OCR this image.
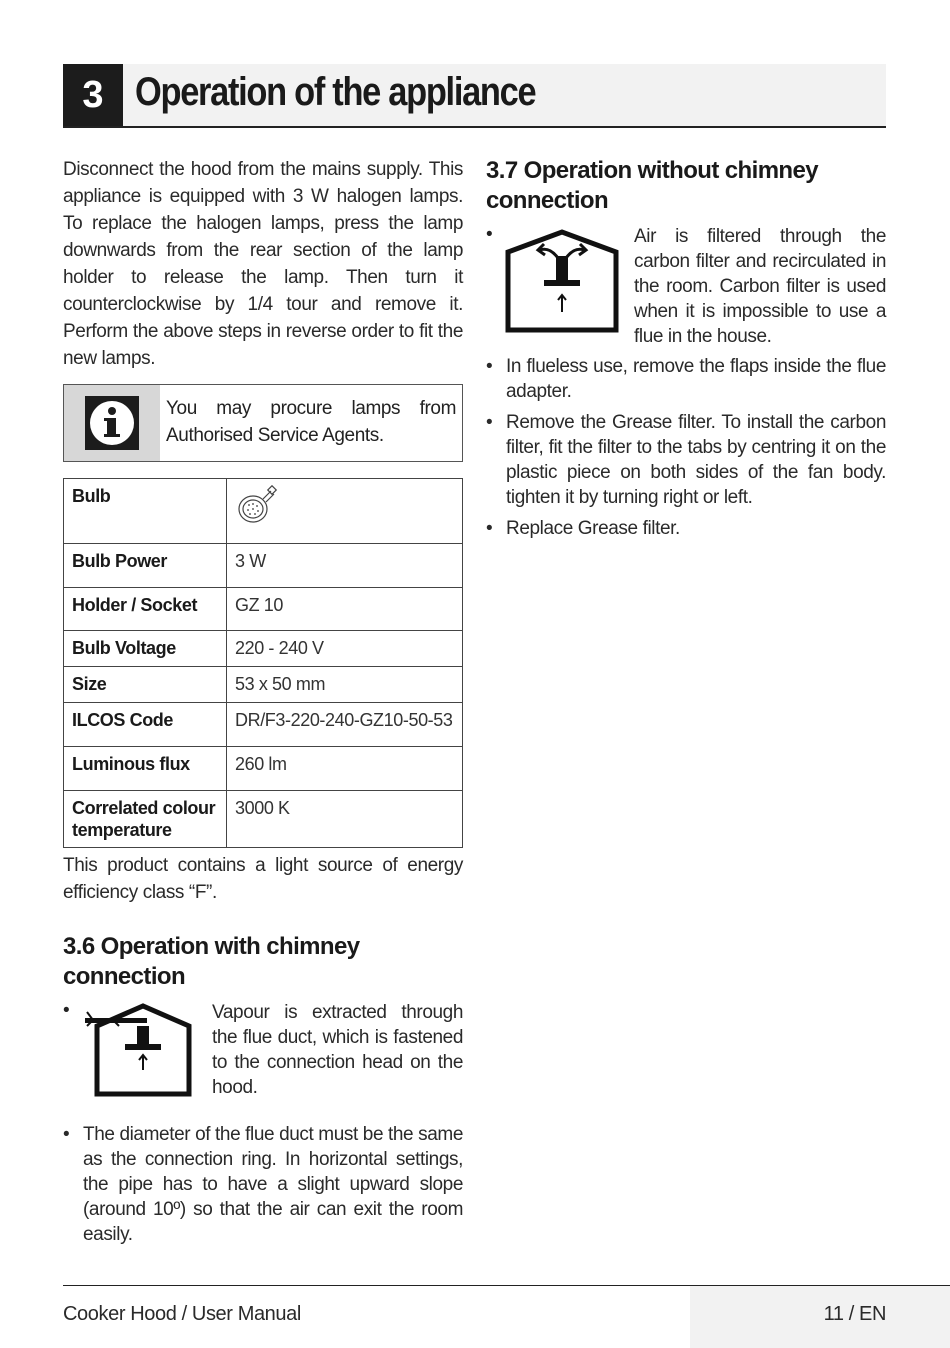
3 Operation of the appliance

Disconnect the hood from the mains supply. This appliance is equipped with 3 W halogen lamps. To replace the halogen lamps, press the lamp downwards from the rear section of the lamp holder to release the lamp. Then turn it counterclockwise by 1/4 tour and remove it. Perform the above steps in reverse order to fit the new lamps.

You may procure lamps from Authorised Service Agents.
Bulb	
Bulb Power	3 W
Holder / Socket	GZ 10
Bulb Voltage	220 - 240 V
Size	53 x 50 mm
ILCOS Code	DR/F3-220-240-GZ10-50-53
Luminous flux	260 lm
Correlated colour temperature	3000 K

This product contains a light source of energy efficiency class “F”.

3.6 Operation with chimney connection
•	Vapour is extracted through the flue duct, which is fastened to the connection head on the hood.
• The diameter of the flue duct must be the same as the connection ring. In horizontal settings, the pipe has to have a slight upward slope (around 10º) so that the air can exit the room easily.
3.7 Operation without chimney connection
•	Air is filtered through the carbon filter and recirculated in the room. Carbon filter is used when it is impossible to use a flue in the house.
• In flueless use, remove the flaps inside the flue adapter.
• Remove the Grease filter. To install the carbon filter, fit the filter to the tabs by centring it on the plastic piece on both sides of the fan body. tighten it by turning right or left.
• Replace Grease filter.
Cooker Hood / User Manual	11 / EN
